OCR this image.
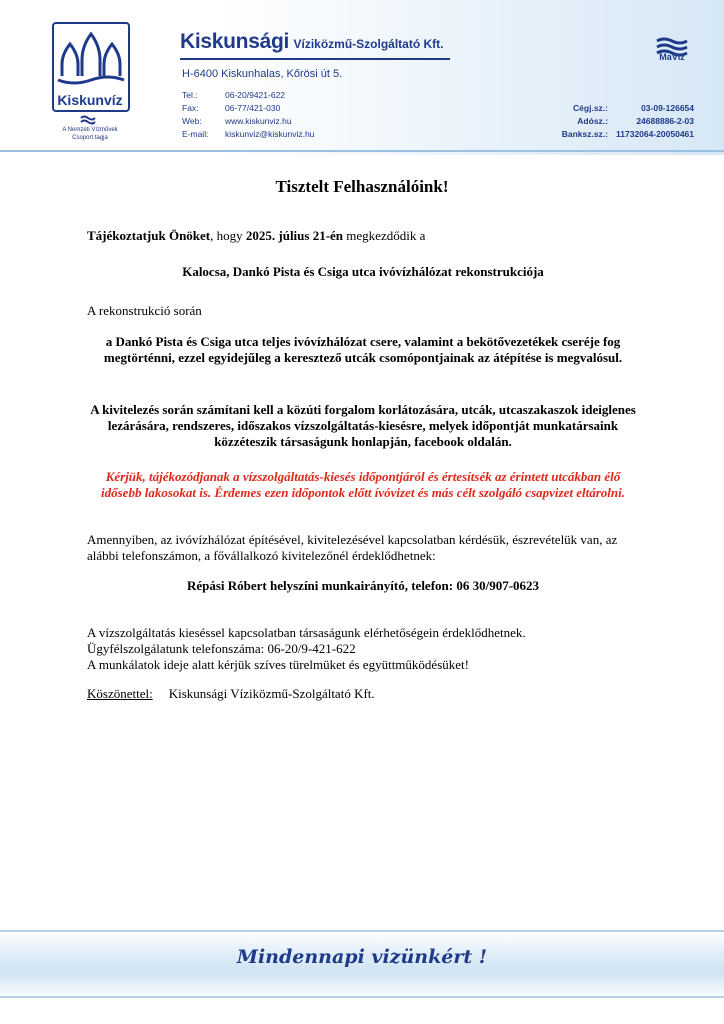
Kiskunvíz
A Nemzeti Vízművek
Csoport tagja
Kiskunsági Víziközmű-Szolgáltató Kft.
H-6400 Kiskunhalas, Kőrösi út 5.
Tel.:	06-20/9421-622
Fax:	06-77/421-030
Web:	www.kiskunviz.hu
E-mail:	kiskunviz@kiskunviz.hu
Cégj.sz.:	03-09-126654
Adósz.:	24688886-2-03
Banksz.sz.: 11732064-20050461
MaVíz
Tisztelt Felhasználóink!
Tájékoztatjuk Önöket, hogy 2025. július 21-én megkezdődik a
Kalocsa, Dankó Pista és Csiga utca ivóvízhálózat rekonstrukciója
A rekonstrukció során
a Dankó Pista és Csiga utca teljes ivóvízhálózat csere, valamint a bekötővezetékek cseréje fog megtörténni, ezzel egyidejűleg a keresztező utcák csomópontjainak az átépítése is megvalósul.
A kivitelezés során számítani kell a közúti forgalom korlátozására, utcák, utcaszakaszok ideiglenes lezárására, rendszeres, időszakos vízszolgáltatás-kiesésre, melyek időpontját munkatársaink közzéteszik társaságunk honlapján, facebook oldalán.
Kérjük, tájékozódjanak a vízszolgáltatás-kiesés időpontjáról és értesítsék az érintett utcákban élő idősebb lakosokat is. Érdemes ezen időpontok előtt ívóvizet és más célt szolgáló csapvizet eltárolni.
Amennyiben, az ivóvízhálózat építésével, kivitelezésével kapcsolatban kérdésük, észrevételük van, az alábbi telefonszámon, a fővállalkozó kivitelezőnél érdeklődhetnek:
Répási Róbert helyszíni munkairányító, telefon: 06 30/907-0623
A vízszolgáltatás kieséssel kapcsolatban társaságunk elérhetőségein érdeklődhetnek.
Ügyfélszolgálatunk telefonszáma: 06-20/9-421-622
A munkálatok ideje alatt kérjük szíves türelmüket és együttműködésüket!
Köszönettel: Kiskunsági Víziközmű-Szolgáltató Kft.
Mindennapi vizünkért !
